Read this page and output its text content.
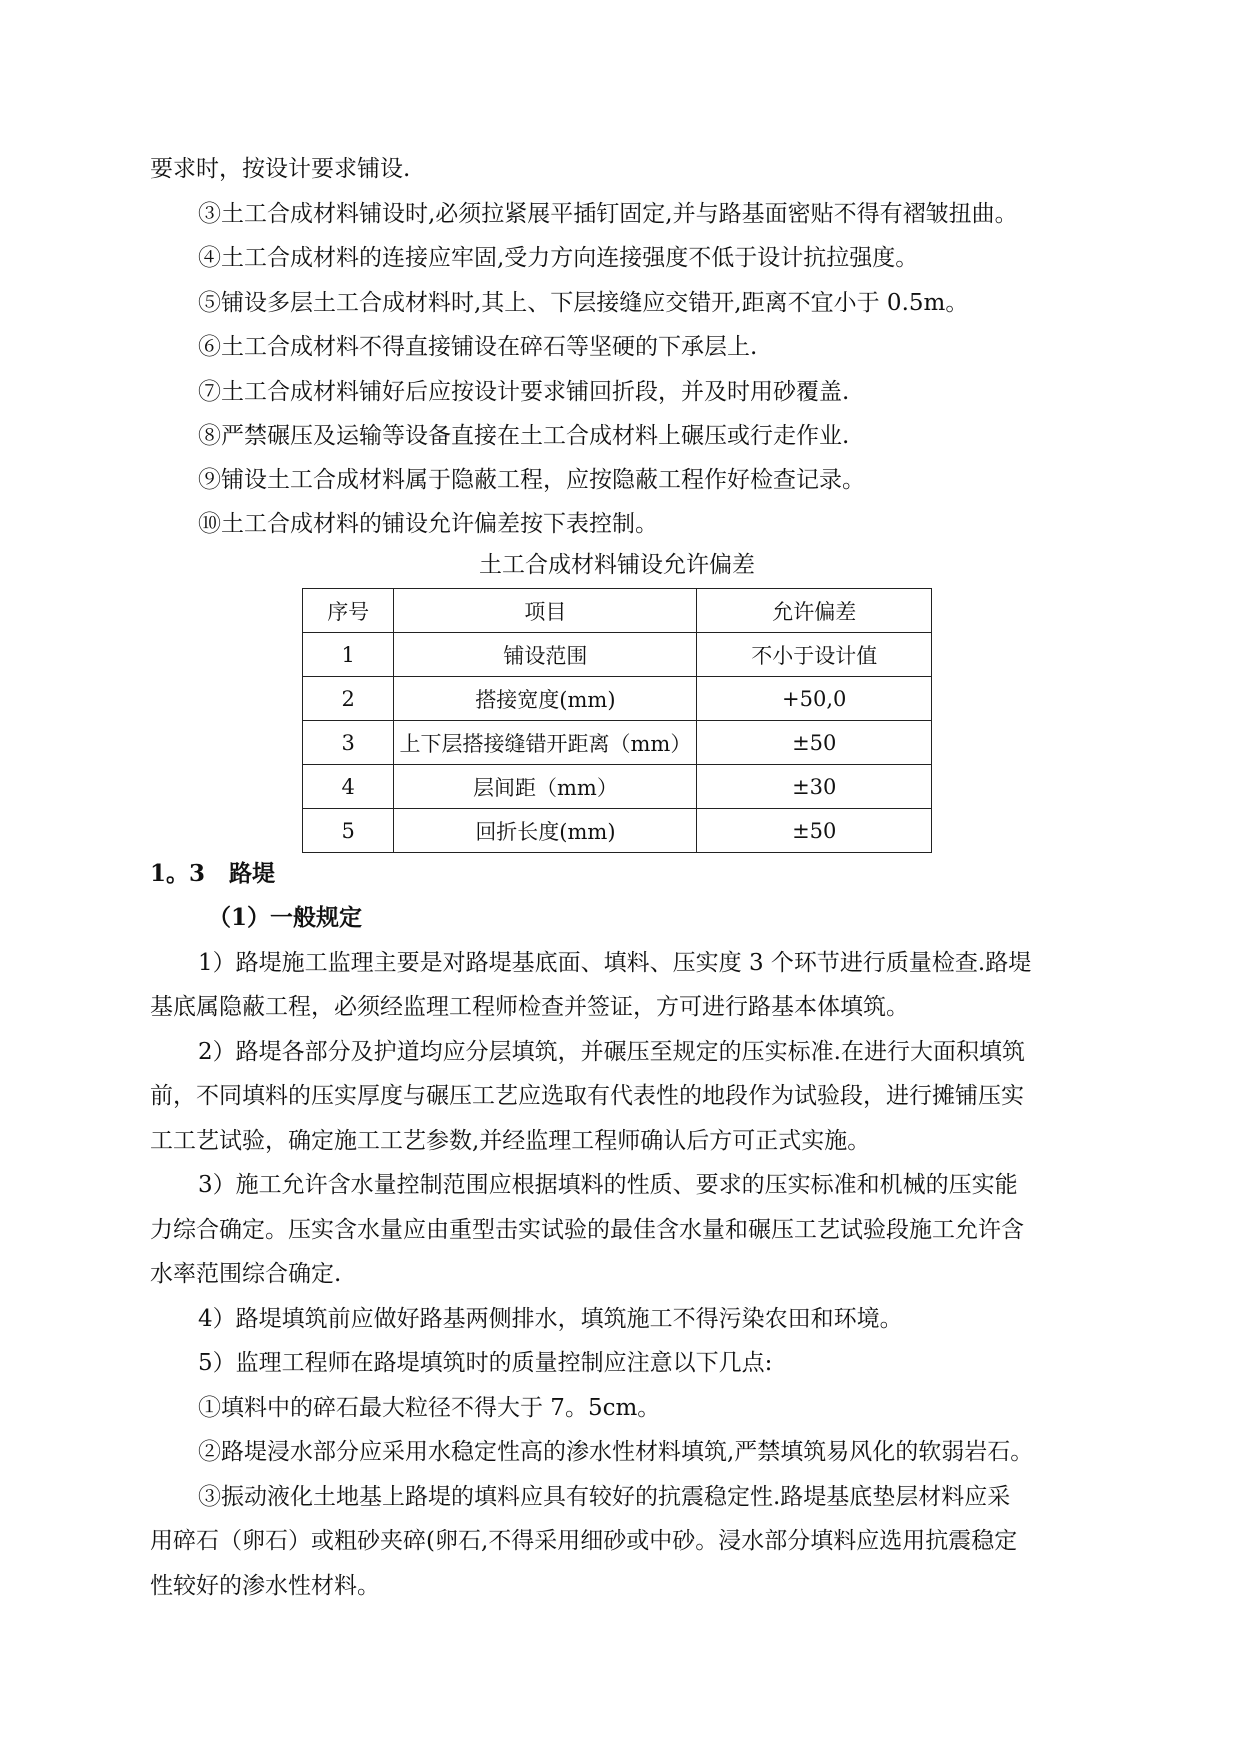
要求时，按设计要求铺设.
③土工合成材料铺设时,必须拉紧展平插钉固定,并与路基面密贴不得有褶皱扭曲。
④土工合成材料的连接应牢固,受力方向连接强度不低于设计抗拉强度。
⑤铺设多层土工合成材料时,其上、下层接缝应交错开,距离不宜小于 0.5m。
⑥土工合成材料不得直接铺设在碎石等坚硬的下承层上.
⑦土工合成材料铺好后应按设计要求铺回折段，并及时用砂覆盖.
⑧严禁碾压及运输等设备直接在土工合成材料上碾压或行走作业.
⑨铺设土工合成材料属于隐蔽工程，应按隐蔽工程作好检查记录。
⑩土工合成材料的铺设允许偏差按下表控制。
土工合成材料铺设允许偏差
序号	项目	允许偏差
1	铺设范围	不小于设计值
2	搭接宽度(mm)	+50,0
3	上下层搭接缝错开距离（mm）	±50
4	层间距（mm）	±30
5	回折长度(mm)	±50
1。3 路堤
（1）一般规定
1）路堤施工监理主要是对路堤基底面、填料、压实度 3 个环节进行质量检查.路堤
基底属隐蔽工程，必须经监理工程师检查并签证，方可进行路基本体填筑。
2）路堤各部分及护道均应分层填筑，并碾压至规定的压实标准.在进行大面积填筑
前，不同填料的压实厚度与碾压工艺应选取有代表性的地段作为试验段，进行摊铺压实
工工艺试验，确定施工工艺参数,并经监理工程师确认后方可正式实施。
3）施工允许含水量控制范围应根据填料的性质、要求的压实标准和机械的压实能
力综合确定。压实含水量应由重型击实试验的最佳含水量和碾压工艺试验段施工允许含
水率范围综合确定.
4）路堤填筑前应做好路基两侧排水，填筑施工不得污染农田和环境。
5）监理工程师在路堤填筑时的质量控制应注意以下几点:
①填料中的碎石最大粒径不得大于 7。5cm。
②路堤浸水部分应采用水稳定性高的渗水性材料填筑,严禁填筑易风化的软弱岩石。
③振动液化土地基上路堤的填料应具有较好的抗震稳定性.路堤基底垫层材料应采
用碎石（卵石）或粗砂夹碎(卵石,不得采用细砂或中砂。浸水部分填料应选用抗震稳定
性较好的渗水性材料。
